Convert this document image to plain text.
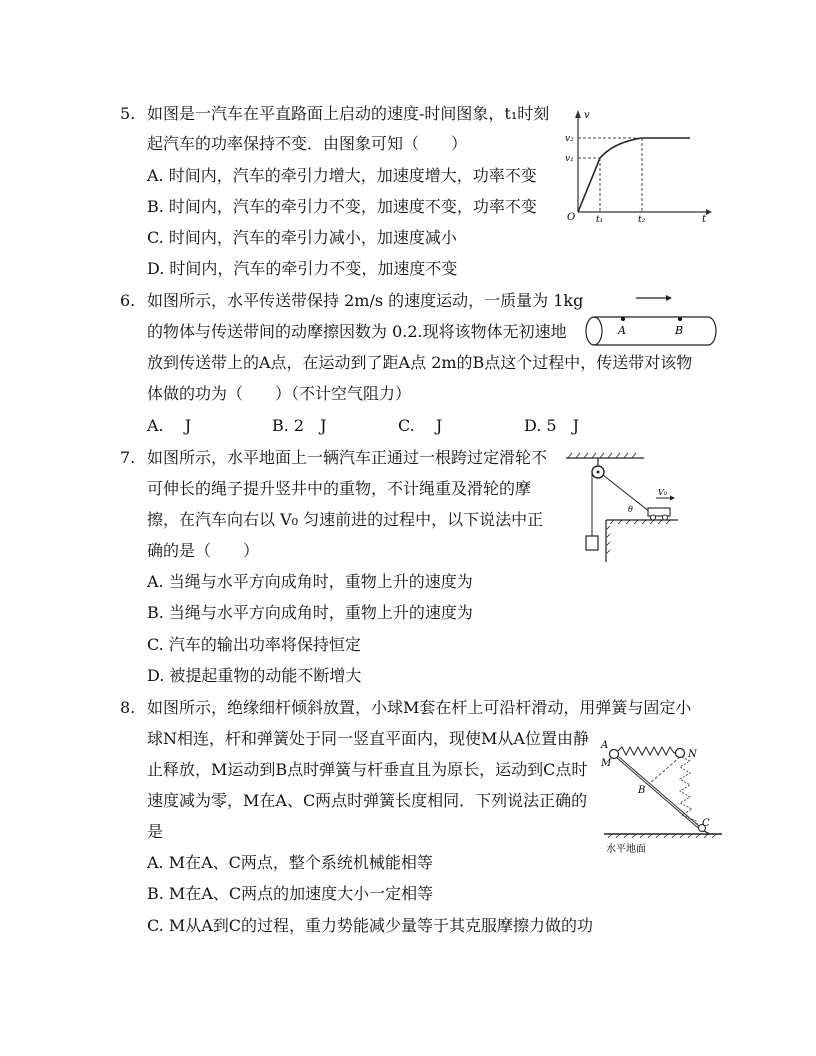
5. 如图是一汽车在平直路面上启动的速度-时间图象，t₁时刻
起汽车的功率保持不变．由图象可知（　　）
A. 时间内，汽车的牵引力增大，加速度增大，功率不变
B. 时间内，汽车的牵引力不变，加速度不变，功率不变
C. 时间内，汽车的牵引力减小，加速度减小
D. 时间内，汽车的牵引力不变，加速度不变
v
v₂
v₁
O t₁	t₂	t
6. 如图所示，水平传送带保持 2m/s 的速度运动，一质量为 1kg
的物体与传送带间的动摩擦因数为 0.2.现将该物体无初速地
放到传送带上的A点，在运动到了距A点 2m的B点这个过程中，传送带对该物
体做的功为（　　）（不计空气阻力）
A.　 J	B. 2　J	C.　 J	D. 5　J
A	B
7. 如图所示，水平地面上一辆汽车正通过一根跨过定滑轮不
可伸长的绳子提升竖井中的重物，不计绳重及滑轮的摩
擦，在汽车向右以 V₀ 匀速前进的过程中，以下说法中正
确的是（　　）
A. 当绳与水平方向成角时，重物上升的速度为
B. 当绳与水平方向成角时，重物上升的速度为
C. 汽车的输出功率将保持恒定
D. 被提起重物的动能不断增大
V₀
θ
8. 如图所示，绝缘细杆倾斜放置，小球M套在杆上可沿杆滑动，用弹簧与固定小
球N相连，杆和弹簧处于同一竖直平面内，现使M从A位置由静
止释放，M运动到B点时弹簧与杆垂直且为原长，运动到C点时
速度减为零，M在A、C两点时弹簧长度相同．下列说法正确的
是
A. M在A、C两点，整个系统机械能相等
B. M在A、C两点的加速度大小一定相等
C. M从A到C的过程，重力势能减少量等于其克服摩擦力做的功
A
M
N
B
C
水平地面
